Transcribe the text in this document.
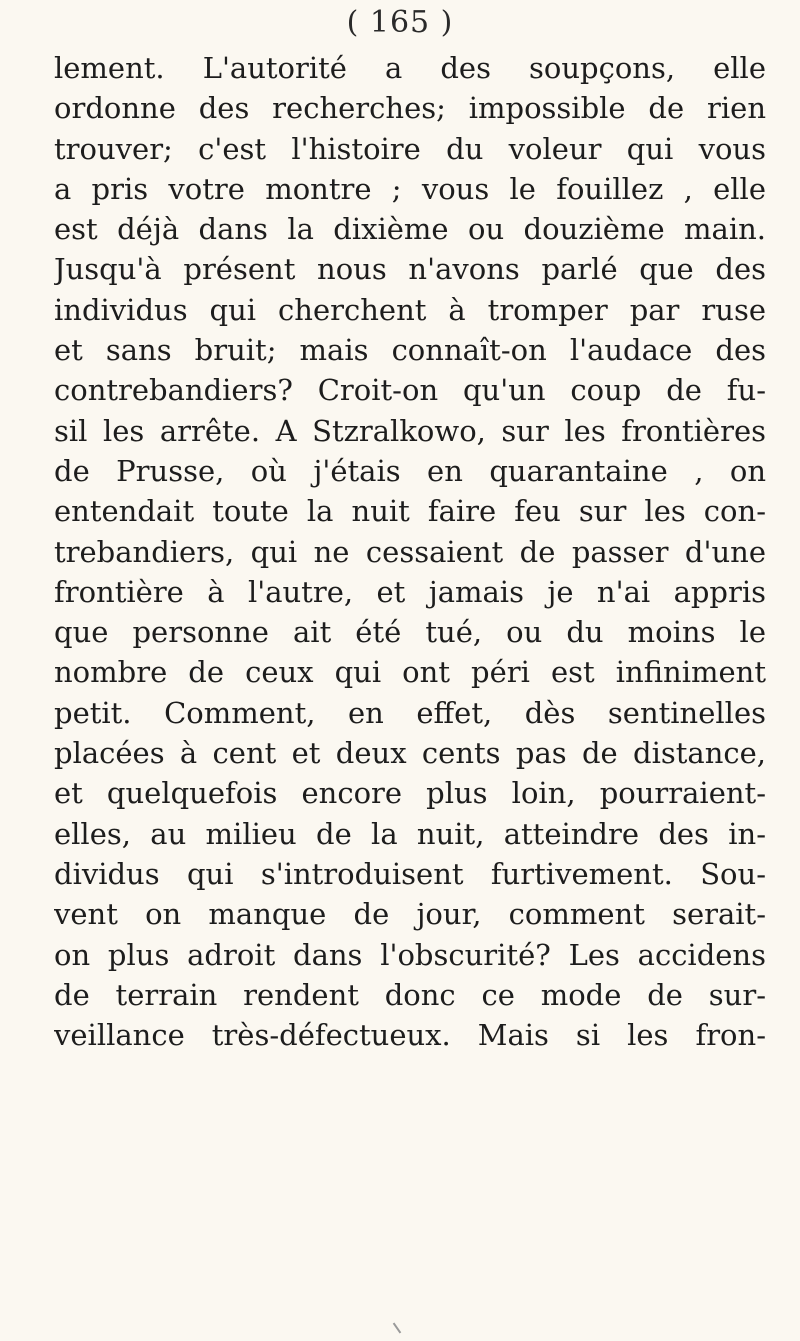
( 165 )
lement. L'autorité a des soupçons, elle
ordonne des recherches; impossible de rien
trouver; c'est l'histoire du voleur qui vous
a pris votre montre ; vous le fouillez , elle
est déjà dans la dixième ou douzième main.
Jusqu'à présent nous n'avons parlé que des
individus qui cherchent à tromper par ruse
et sans bruit; mais connaît-on l'audace des
contrebandiers? Croit-on qu'un coup de fu-
sil les arrête. A Stzralkowo, sur les frontières
de Prusse, où j'étais en quarantaine , on
entendait toute la nuit faire feu sur les con-
trebandiers, qui ne cessaient de passer d'une
frontière à l'autre, et jamais je n'ai appris
que personne ait été tué, ou du moins le
nombre de ceux qui ont péri est infiniment
petit. Comment, en effet, dès sentinelles
placées à cent et deux cents pas de distance,
et quelquefois encore plus loin, pourraient-
elles, au milieu de la nuit, atteindre des in-
dividus qui s'introduisent furtivement. Sou-
vent on manque de jour, comment serait-
on plus adroit dans l'obscurité? Les accidens
de terrain rendent donc ce mode de sur-
veillance très-défectueux. Mais si les fron-
